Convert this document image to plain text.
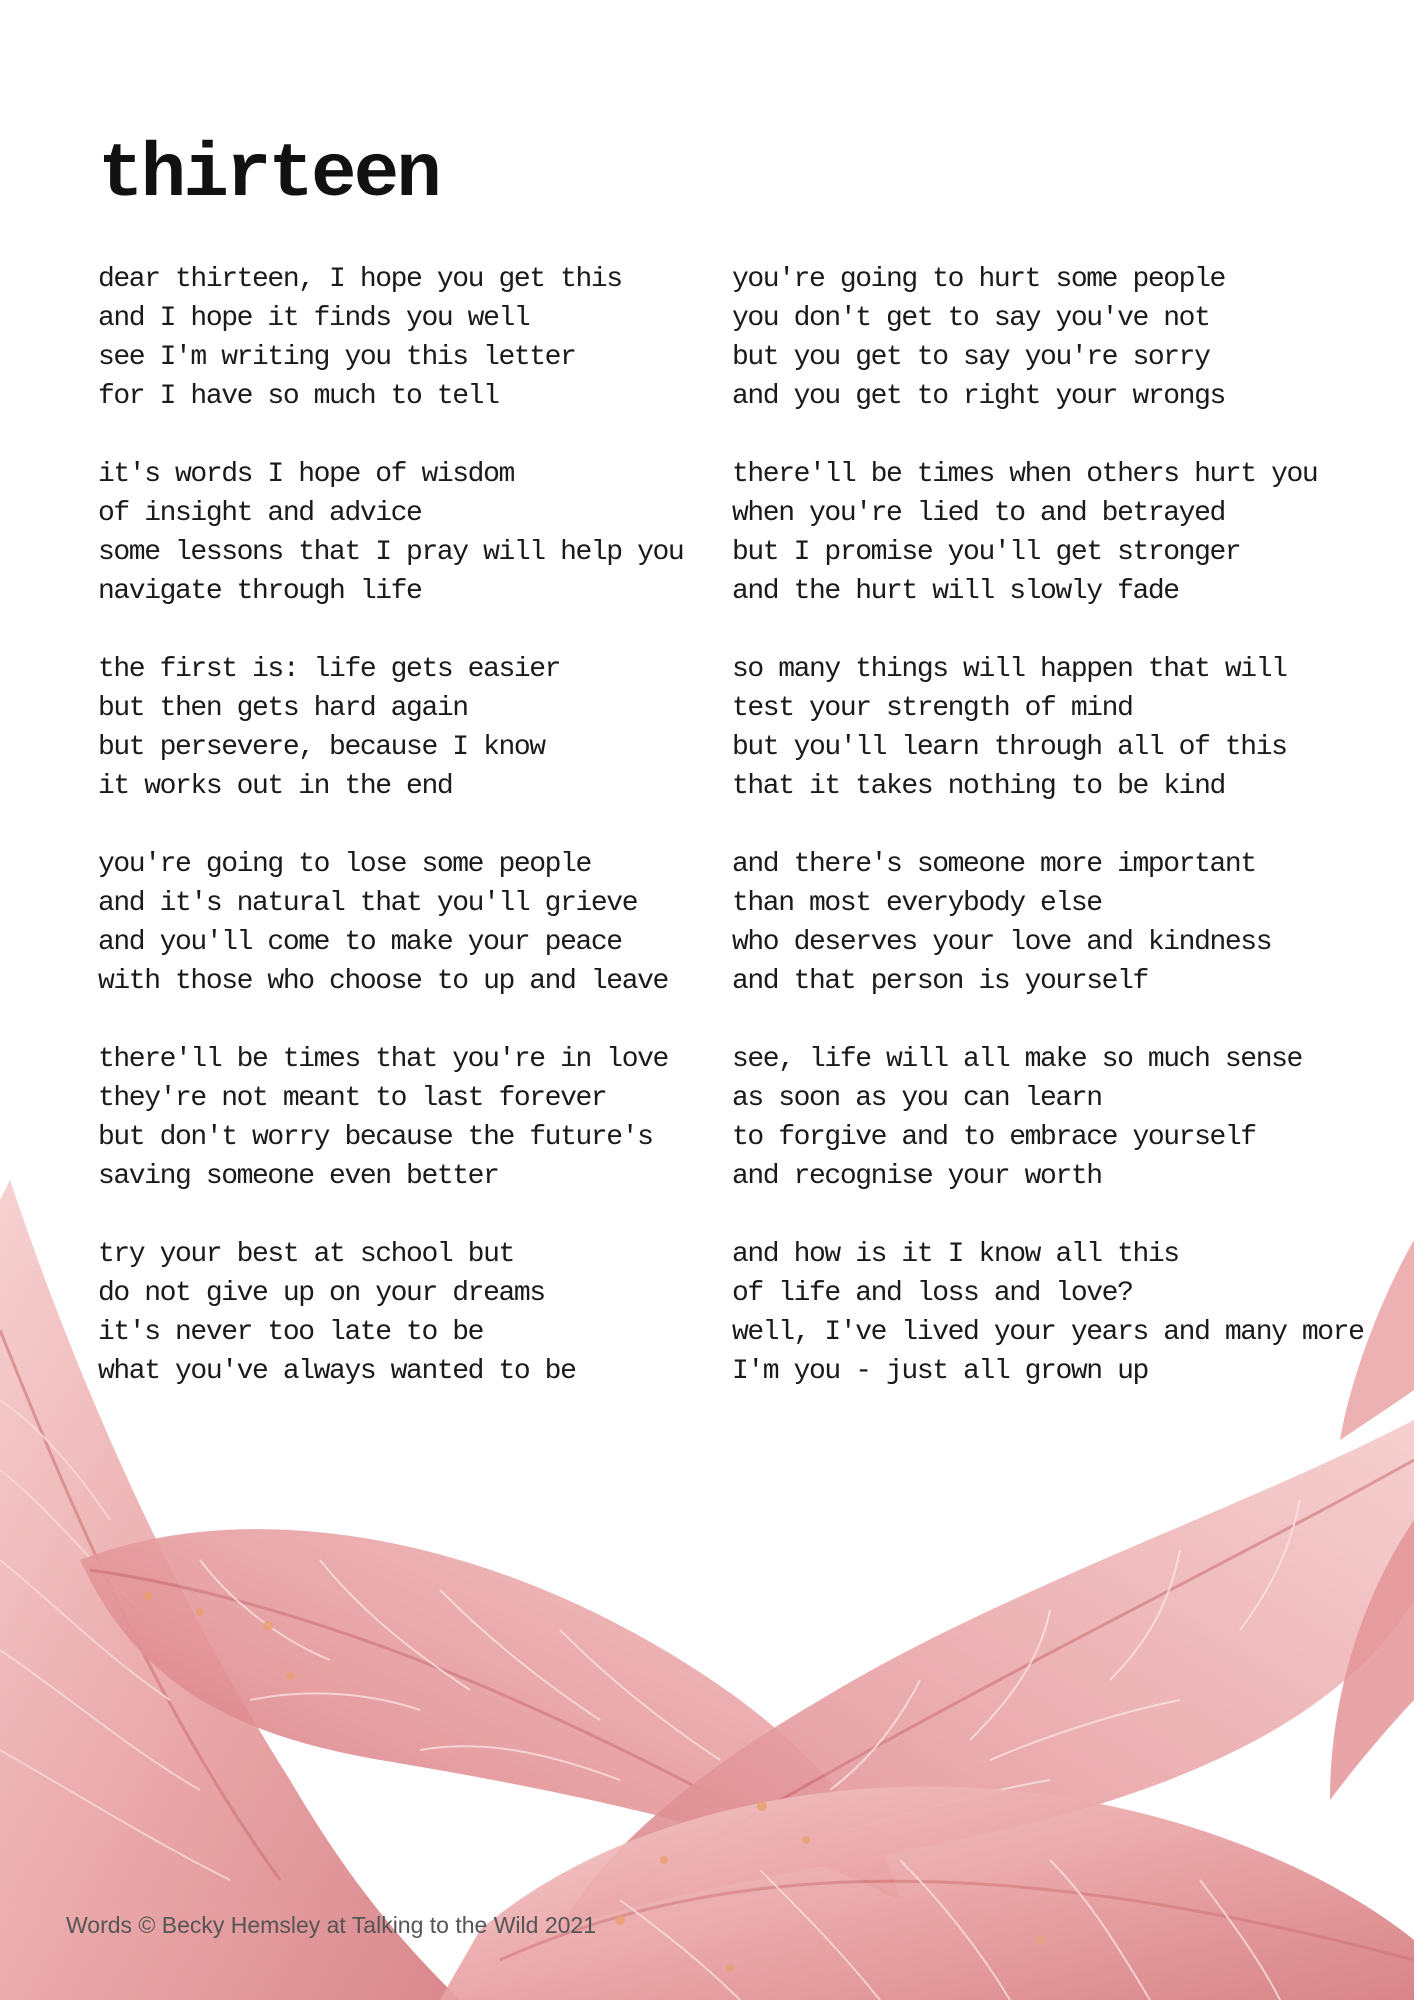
thirteen
dear thirteen, I hope you get this
and I hope it finds you well
see I'm writing you this letter
for I have so much to tell
it's words I hope of wisdom
of insight and advice
some lessons that I pray will help you
navigate through life
the first is: life gets easier
but then gets hard again
but persevere, because I know
it works out in the end
you're going to lose some people
and it's natural that you'll grieve
and you'll come to make your peace
with those who choose to up and leave
there'll be times that you're in love
they're not meant to last forever
but don't worry because the future's
saving someone even better
try your best at school but
do not give up on your dreams
it's never too late to be
what you've always wanted to be
you're going to hurt some people
you don't get to say you've not
but you get to say you're sorry
and you get to right your wrongs
there'll be times when others hurt you
when you're lied to and betrayed
but I promise you'll get stronger
and the hurt will slowly fade
so many things will happen that will
test your strength of mind
but you'll learn through all of this
that it takes nothing to be kind
and there's someone more important
than most everybody else
who deserves your love and kindness
and that person is yourself
see, life will all make so much sense
as soon as you can learn
to forgive and to embrace yourself
and recognise your worth
and how is it I know all this
of life and loss and love?
well, I've lived your years and many more
I'm you - just all grown up
Words © Becky Hemsley at Talking to the Wild 2021
